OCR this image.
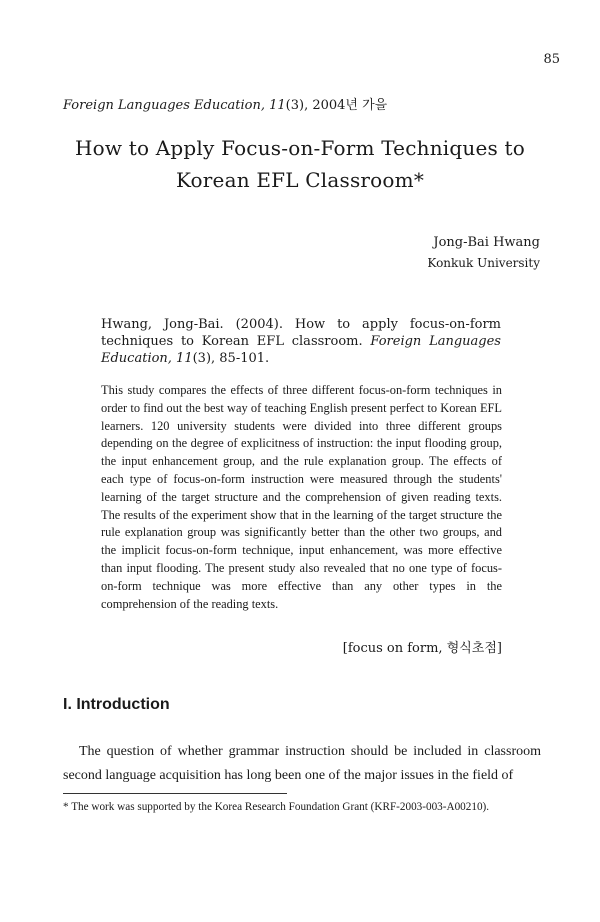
85
Foreign Languages Education, 11(3), 2004년 가을
How to Apply Focus-on-Form Techniques to
Korean EFL Classroom*
Jong-Bai Hwang
Konkuk University
Hwang, Jong-Bai. (2004). How to apply focus-on-form techniques to Korean EFL classroom. Foreign Languages Education, 11(3), 85-101.
This study compares the effects of three different focus-on-form techniques in order to find out the best way of teaching English present perfect to Korean EFL learners. 120 university students were divided into three different groups depending on the degree of explicitness of instruction: the input flooding group, the input enhancement group, and the rule explanation group. The effects of each type of focus-on-form instruction were measured through the students' learning of the target structure and the comprehension of given reading texts. The results of the experiment show that in the learning of the target structure the rule explanation group was significantly better than the other two groups, and the implicit focus-on-form technique, input enhancement, was more effective than input flooding. The present study also revealed that no one type of focus-on-form technique was more effective than any other types in the comprehension of the reading texts.
[focus on form, 형식초점]
I. Introduction
The question of whether grammar instruction should be included in classroom second language acquisition has long been one of the major issues in the field of
* The work was supported by the Korea Research Foundation Grant (KRF-2003-003-A00210).
